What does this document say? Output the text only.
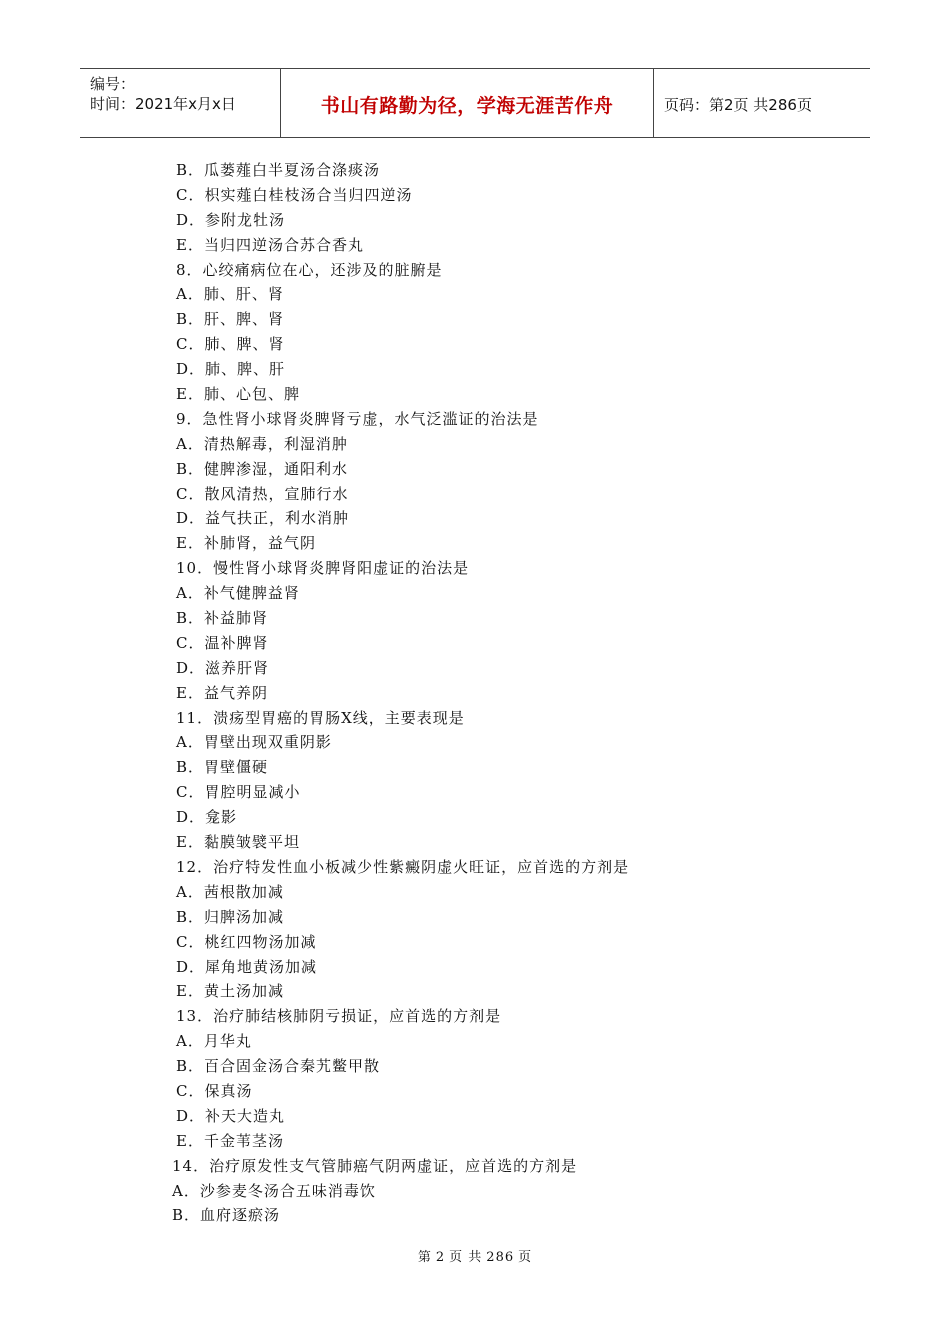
编号：
时间：2021年x月x日	书山有路勤为径，学海无涯苦作舟	页码：第2页 共286页
B．瓜蒌薤白半夏汤合涤痰汤
C．枳实薤白桂枝汤合当归四逆汤
D．参附龙牡汤
E．当归四逆汤合苏合香丸
8．心绞痛病位在心，还涉及的脏腑是
A．肺、肝、肾
B．肝、脾、肾
C．肺、脾、肾
D．肺、脾、肝
E．肺、心包、脾
9．急性肾小球肾炎脾肾亏虚，水气泛滥证的治法是
A．清热解毒，利湿消肿
B．健脾渗湿，通阳利水
C．散风清热，宣肺行水
D．益气扶正，利水消肿
E．补肺肾，益气阴
10．慢性肾小球肾炎脾肾阳虚证的治法是
A．补气健脾益肾
B．补益肺肾
C．温补脾肾
D．滋养肝肾
E．益气养阴
11．溃疡型胃癌的胃肠X线，主要表现是
A．胃壁出现双重阴影
B．胃壁僵硬
C．胃腔明显减小
D．龛影
E．黏膜皱襞平坦
12．治疗特发性血小板减少性紫癜阴虚火旺证，应首选的方剂是
A．茜根散加减
B．归脾汤加减
C．桃红四物汤加减
D．犀角地黄汤加减
E．黄土汤加减
13．治疗肺结核肺阴亏损证，应首选的方剂是
A．月华丸
B．百合固金汤合秦艽鳖甲散
C．保真汤
D．补天大造丸
E．千金苇茎汤
14．治疗原发性支气管肺癌气阴两虚证，应首选的方剂是
A．沙参麦冬汤合五味消毒饮
B．血府逐瘀汤
第 2 页 共 286 页
